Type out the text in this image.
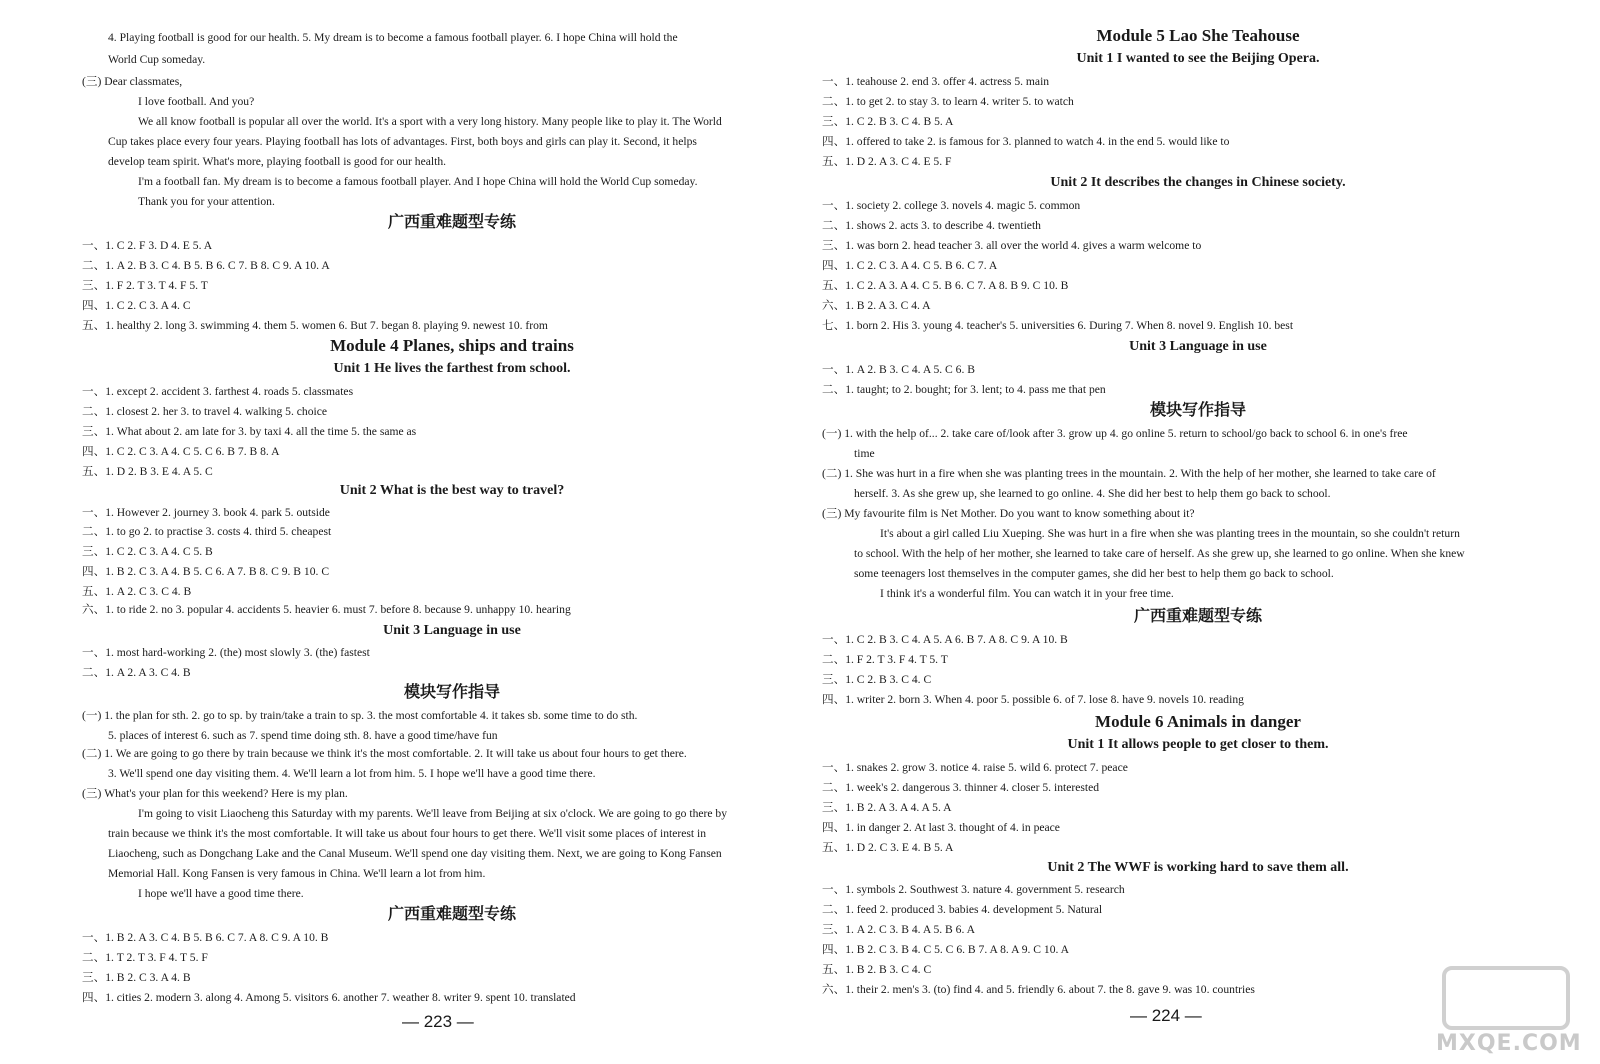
4. Playing football is good for our health. 5. My dream is to become a famous football player. 6. I hope China will hold the
World Cup someday.
(三) Dear classmates,
I love football. And you?
We all know football is popular all over the world. It's a sport with a very long history. Many people like to play it. The World
Cup takes place every four years. Playing football has lots of advantages. First, both boys and girls can play it. Second, it helps
develop team spirit. What's more, playing football is good for our health.
I'm a football fan. My dream is to become a famous football player. And I hope China will hold the World Cup someday.
Thank you for your attention.
广西重难题型专练
一、1. C 2. F 3. D 4. E 5. A
二、1. A 2. B 3. C 4. B 5. B 6. C 7. B 8. C 9. A 10. A
三、1. F 2. T 3. T 4. F 5. T
四、1. C 2. C 3. A 4. C
五、1. healthy 2. long 3. swimming 4. them 5. women 6. But 7. began 8. playing 9. newest 10. from
Module 4 Planes, ships and trains
Unit 1 He lives the farthest from school.
一、1. except 2. accident 3. farthest 4. roads 5. classmates
二、1. closest 2. her 3. to travel 4. walking 5. choice
三、1. What about 2. am late for 3. by taxi 4. all the time 5. the same as
四、1. C 2. C 3. A 4. C 5. C 6. B 7. B 8. A
五、1. D 2. B 3. E 4. A 5. C
Unit 2 What is the best way to travel?
一、1. However 2. journey 3. book 4. park 5. outside
二、1. to go 2. to practise 3. costs 4. third 5. cheapest
三、1. C 2. C 3. A 4. C 5. B
四、1. B 2. C 3. A 4. B 5. C 6. A 7. B 8. C 9. B 10. C
五、1. A 2. C 3. C 4. B
六、1. to ride 2. no 3. popular 4. accidents 5. heavier 6. must 7. before 8. because 9. unhappy 10. hearing
Unit 3 Language in use
一、1. most hard-working 2. (the) most slowly 3. (the) fastest
二、1. A 2. A 3. C 4. B
模块写作指导
(一) 1. the plan for sth. 2. go to sp. by train/take a train to sp. 3. the most comfortable 4. it takes sb. some time to do sth.
5. places of interest 6. such as 7. spend time doing sth. 8. have a good time/have fun
(二) 1. We are going to go there by train because we think it's the most comfortable. 2. It will take us about four hours to get there.
3. We'll spend one day visiting them. 4. We'll learn a lot from him. 5. I hope we'll have a good time there.
(三) What's your plan for this weekend? Here is my plan.
I'm going to visit Liaocheng this Saturday with my parents. We'll leave from Beijing at six o'clock. We are going to go there by
train because we think it's the most comfortable. It will take us about four hours to get there. We'll visit some places of interest in
Liaocheng, such as Dongchang Lake and the Canal Museum. We'll spend one day visiting them. Next, we are going to Kong Fansen
Memorial Hall. Kong Fansen is very famous in China. We'll learn a lot from him.
I hope we'll have a good time there.
广西重难题型专练
一、1. B 2. A 3. C 4. B 5. B 6. C 7. A 8. C 9. A 10. B
二、1. T 2. T 3. F 4. T 5. F
三、1. B 2. C 3. A 4. B
四、1. cities 2. modern 3. along 4. Among 5. visitors 6. another 7. weather 8. writer 9. spent 10. translated
— 223 —
Module 5 Lao She Teahouse
Unit 1 I wanted to see the Beijing Opera.
一、1. teahouse 2. end 3. offer 4. actress 5. main
二、1. to get 2. to stay 3. to learn 4. writer 5. to watch
三、1. C 2. B 3. C 4. B 5. A
四、1. offered to take 2. is famous for 3. planned to watch 4. in the end 5. would like to
五、1. D 2. A 3. C 4. E 5. F
Unit 2 It describes the changes in Chinese society.
一、1. society 2. college 3. novels 4. magic 5. common
二、1. shows 2. acts 3. to describe 4. twentieth
三、1. was born 2. head teacher 3. all over the world 4. gives a warm welcome to
四、1. C 2. C 3. A 4. C 5. B 6. C 7. A
五、1. C 2. A 3. A 4. C 5. B 6. C 7. A 8. B 9. C 10. B
六、1. B 2. A 3. C 4. A
七、1. born 2. His 3. young 4. teacher's 5. universities 6. During 7. When 8. novel 9. English 10. best
Unit 3 Language in use
一、1. A 2. B 3. C 4. A 5. C 6. B
二、1. taught; to 2. bought; for 3. lent; to 4. pass me that pen
模块写作指导
(一) 1. with the help of... 2. take care of/look after 3. grow up 4. go online 5. return to school/go back to school 6. in one's free
time
(二) 1. She was hurt in a fire when she was planting trees in the mountain. 2. With the help of her mother, she learned to take care of
herself. 3. As she grew up, she learned to go online. 4. She did her best to help them go back to school.
(三) My favourite film is Net Mother. Do you want to know something about it?
It's about a girl called Liu Xueping. She was hurt in a fire when she was planting trees in the mountain, so she couldn't return
to school. With the help of her mother, she learned to take care of herself. As she grew up, she learned to go online. When she knew
some teenagers lost themselves in the computer games, she did her best to help them go back to school.
I think it's a wonderful film. You can watch it in your free time.
广西重难题型专练
一、1. C 2. B 3. C 4. A 5. A 6. B 7. A 8. C 9. A 10. B
二、1. F 2. T 3. F 4. T 5. T
三、1. C 2. B 3. C 4. C
四、1. writer 2. born 3. When 4. poor 5. possible 6. of 7. lose 8. have 9. novels 10. reading
Module 6 Animals in danger
Unit 1 It allows people to get closer to them.
一、1. snakes 2. grow 3. notice 4. raise 5. wild 6. protect 7. peace
二、1. week's 2. dangerous 3. thinner 4. closer 5. interested
三、1. B 2. A 3. A 4. A 5. A
四、1. in danger 2. At last 3. thought of 4. in peace
五、1. D 2. C 3. E 4. B 5. A
Unit 2 The WWF is working hard to save them all.
一、1. symbols 2. Southwest 3. nature 4. government 5. research
二、1. feed 2. produced 3. babies 4. development 5. Natural
三、1. A 2. C 3. B 4. A 5. B 6. A
四、1. B 2. C 3. B 4. C 5. C 6. B 7. A 8. A 9. C 10. A
五、1. B 2. B 3. C 4. C
六、1. their 2. men's 3. (to) find 4. and 5. friendly 6. about 7. the 8. gave 9. was 10. countries
— 224 —
MXQE.COM
